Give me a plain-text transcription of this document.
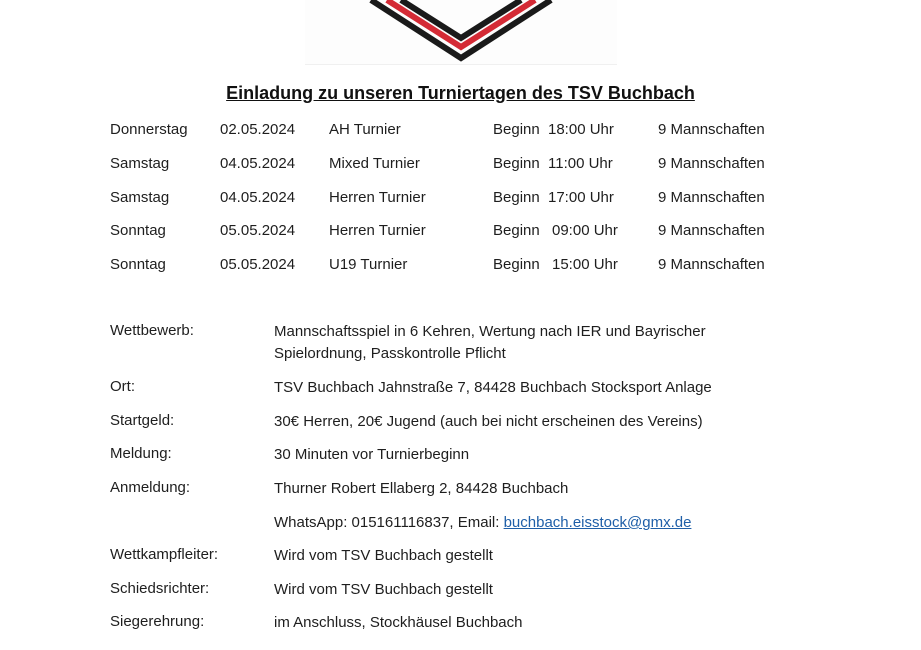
Einladung zu unseren Turniertagen des TSV Buchbach
Donnerstag 02.05.2024 AH Turnier	Beginn 18:00 Uhr	9 Mannschaften
Samstag	04.05.2024 Mixed Turnier	Beginn 11:00 Uhr	9 Mannschaften
Samstag	04.05.2024 Herren Turnier	Beginn 17:00 Uhr	9 Mannschaften
Sonntag	05.05.2024 Herren Turnier	Beginn 09:00 Uhr	9 Mannschaften
Sonntag	05.05.2024 U19 Turnier	Beginn 15:00 Uhr	9 Mannschaften
Wettbewerb:	Mannschaftsspiel in 6 Kehren, Wertung nach IER und Bayrischer Spielordnung, Passkontrolle Pflicht
Ort:	TSV Buchbach Jahnstraße 7, 84428 Buchbach Stocksport Anlage
Startgeld:	30€ Herren, 20€ Jugend (auch bei nicht erscheinen des Vereins)
Meldung:	30 Minuten vor Turnierbeginn
Anmeldung:	Thurner Robert Ellaberg 2, 84428 Buchbach
WhatsApp: 015161116837, Email: buchbach.eisstock@gmx.de
Wettkampfleiter:	Wird vom TSV Buchbach gestellt
Schiedsrichter:	Wird vom TSV Buchbach gestellt
Siegerehrung:	im Anschluss, Stockhäusel Buchbach
